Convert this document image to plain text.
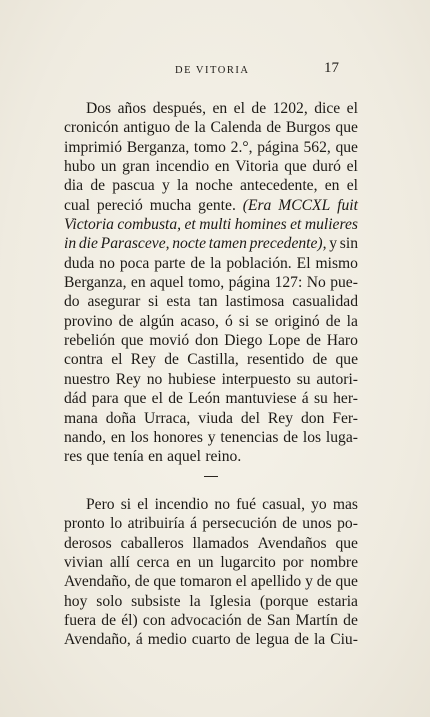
DE VITORIA	17
Dos años después, en el de 1202, dice el
cronicón antiguo de la Calenda de Burgos que
imprimió Berganza, tomo 2.°, página 562, que
hubo un gran incendio en Vitoria que duró el
dia de pascua y la noche antecedente, en el
cual pereció mucha gente. (Era MCCXL fuit
Victoria combusta, et multi homines et mulieres
in die Parasceve, nocte tamen precedente), y sin
duda no poca parte de la población. El mismo
Berganza, en aquel tomo, página 127: No pue-
do asegurar si esta tan lastimosa casualidad
provino de algún acaso, ó si se originó de la
rebelión que movió don Diego Lope de Haro
contra el Rey de Castilla, resentido de que
nuestro Rey no hubiese interpuesto su autori-
dád para que el de León mantuviese á su her-
mana doña Urraca, viuda del Rey don Fer-
nando, en los honores y tenencias de los luga-
res que tenía en aquel reino.
Pero si el incendio no fué casual, yo mas
pronto lo atribuiría á persecución de unos po-
derosos caballeros llamados Avendaños que
vivian allí cerca en un lugarcito por nombre
Avendaño, de que tomaron el apellido y de que
hoy solo subsiste la Iglesia (porque estaria
fuera de él) con advocación de San Martín de
Avendaño, á medio cuarto de legua de la Ciu-
